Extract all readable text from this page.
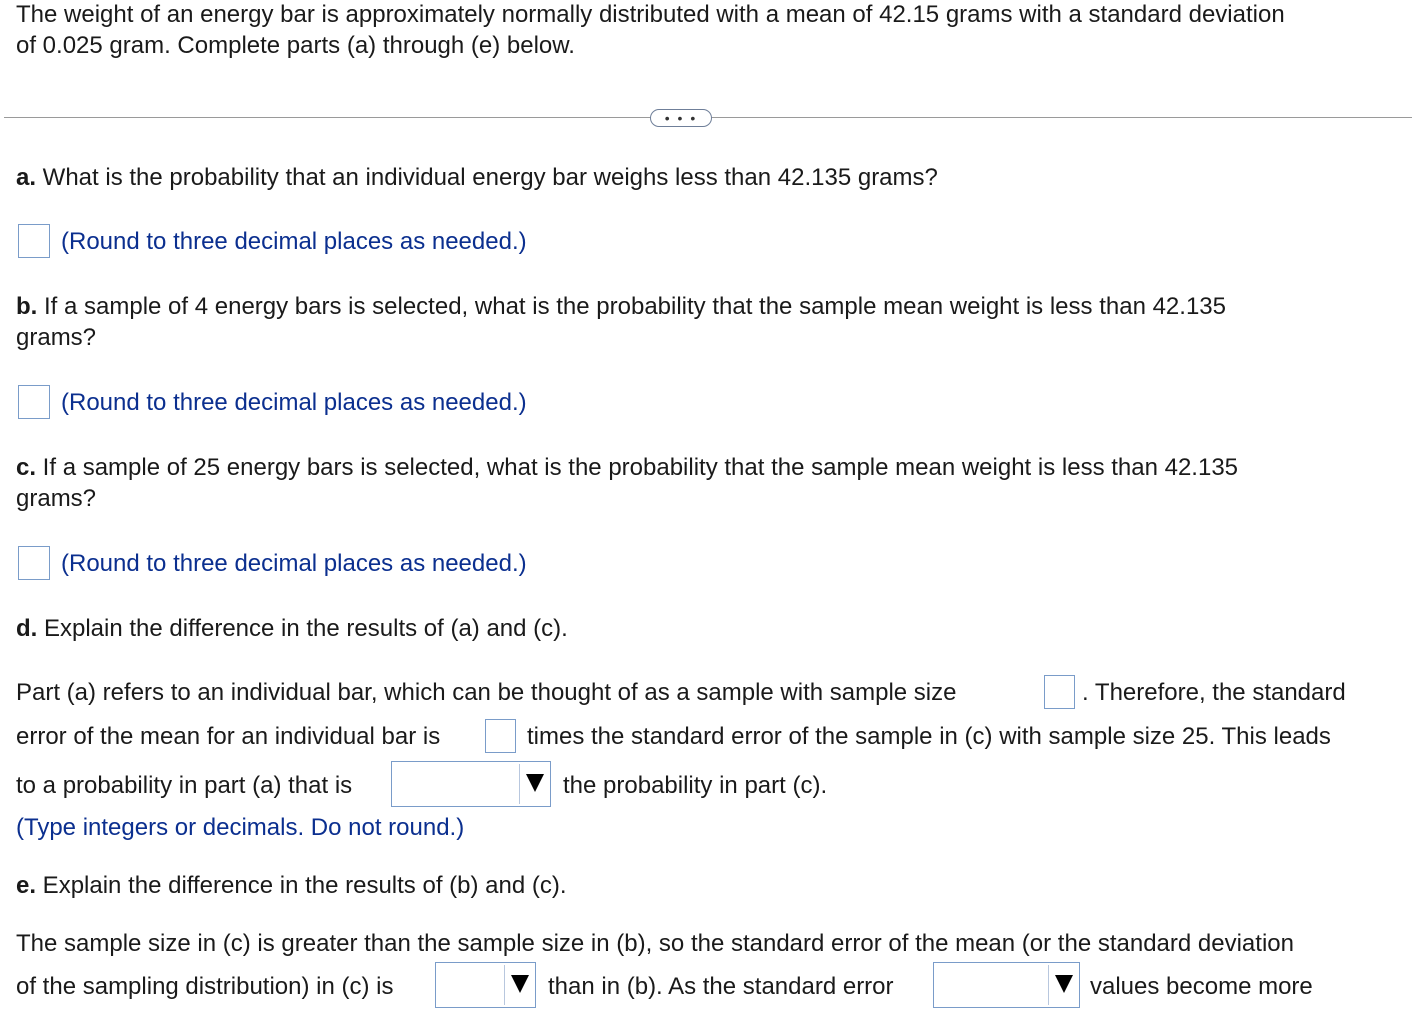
The weight of an energy bar is approximately normally distributed with a mean of 42.15 grams with a standard deviation
of 0.025 gram. Complete parts (a) through (e) below.
• • •
a. What is the probability that an individual energy bar weighs less than 42.135 grams?
(Round to three decimal places as needed.)
b. If a sample of 4 energy bars is selected, what is the probability that the sample mean weight is less than 42.135
grams?
(Round to three decimal places as needed.)
c. If a sample of 25 energy bars is selected, what is the probability that the sample mean weight is less than 42.135
grams?
(Round to three decimal places as needed.)
d. Explain the difference in the results of (a) and (c).
Part (a) refers to an individual bar, which can be thought of as a sample with sample size	. Therefore, the standard
error of the mean for an individual bar is	times the standard error of the sample in (c) with sample size 25. This leads
to a probability in part (a) that is	the probability in part (c).
(Type integers or decimals. Do not round.)
e. Explain the difference in the results of (b) and (c).
The sample size in (c) is greater than the sample size in (b), so the standard error of the mean (or the standard deviation
of the sampling distribution) in (c) is	than in (b). As the standard error	values become more
